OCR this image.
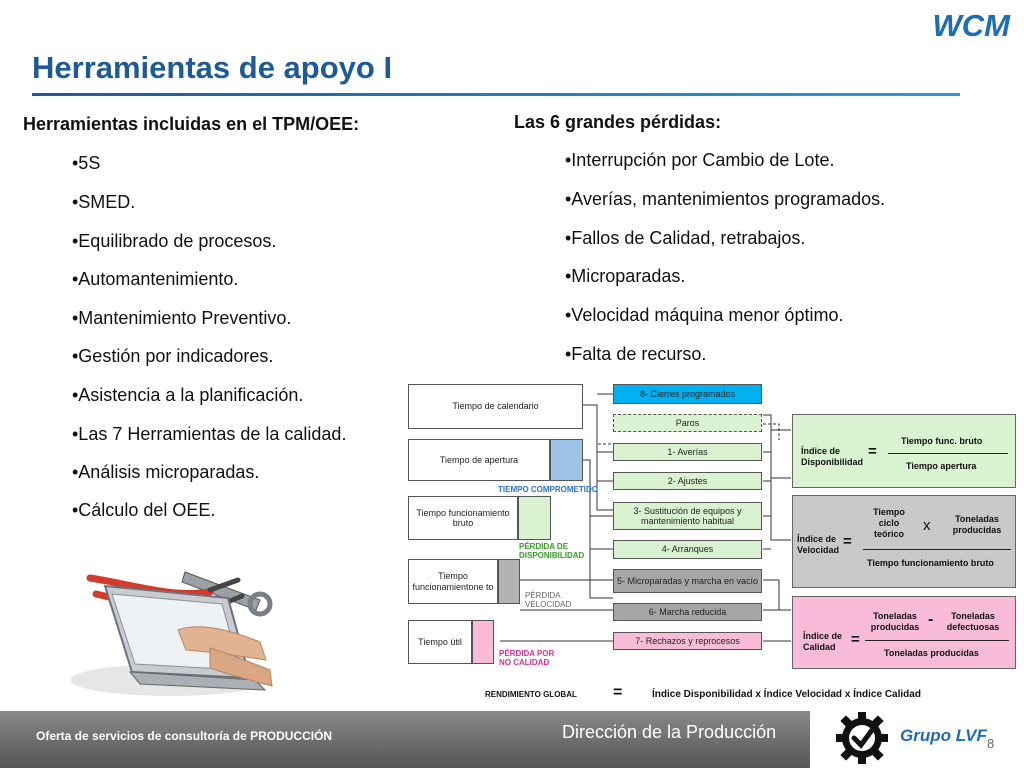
WCM
Herramientas de apoyo I
Herramientas incluidas en el TPM/OEE:
•5S
•SMED.
•Equilibrado de procesos.
•Automantenimiento.
•Mantenimiento Preventivo.
•Gestión por indicadores.
•Asistencia a la planificación.
•Las 7 Herramientas de la calidad.
•Análisis microparadas.
•Cálculo del OEE.
Las 6 grandes pérdidas:
•Interrupción por Cambio de Lote.
•Averías, mantenimientos programados.
•Fallos de Calidad, retrabajos.
•Microparadas.
•Velocidad máquina menor óptimo.
•Falta de recurso.
Tiempo de calendario
Tiempo de apertura
Tiempo funcionamiento bruto
Tiempo funcionamientone to
Tiempo útil
TIEMPO COMPROMETIDO
PÉRDIDA DE DISPONIBILIDAD
PÉRDIDA VELOCIDAD
PÉRDIDA POR NO CALIDAD
8- Cierres programados
Paros
1- Averías
2- Ajustes
3- Sustitución de equipos y mantenimiento habitual
4- Arranques
5- Microparadas y marcha en vacío
6- Marcha reducida
7- Rechazos y reprocesos
Índice de Disponibilidad
=
Tiempo func. bruto
Tiempo apertura
Índice de Velocidad =
Tiempo ciclo teórico	x	Toneladas producidas
Tiempo funcionamiento bruto
Índice de Calidad	=
Toneladas producidas -	Toneladas defectuosas
Toneladas producidas
RENDIMIENTO GLOBAL =	Índice Disponibilidad x Índice Velocidad x Índice Calidad
Oferta de servicios de consultoría de PRODUCCIÓN	Dirección de la Producción	Grupo LVF 8
